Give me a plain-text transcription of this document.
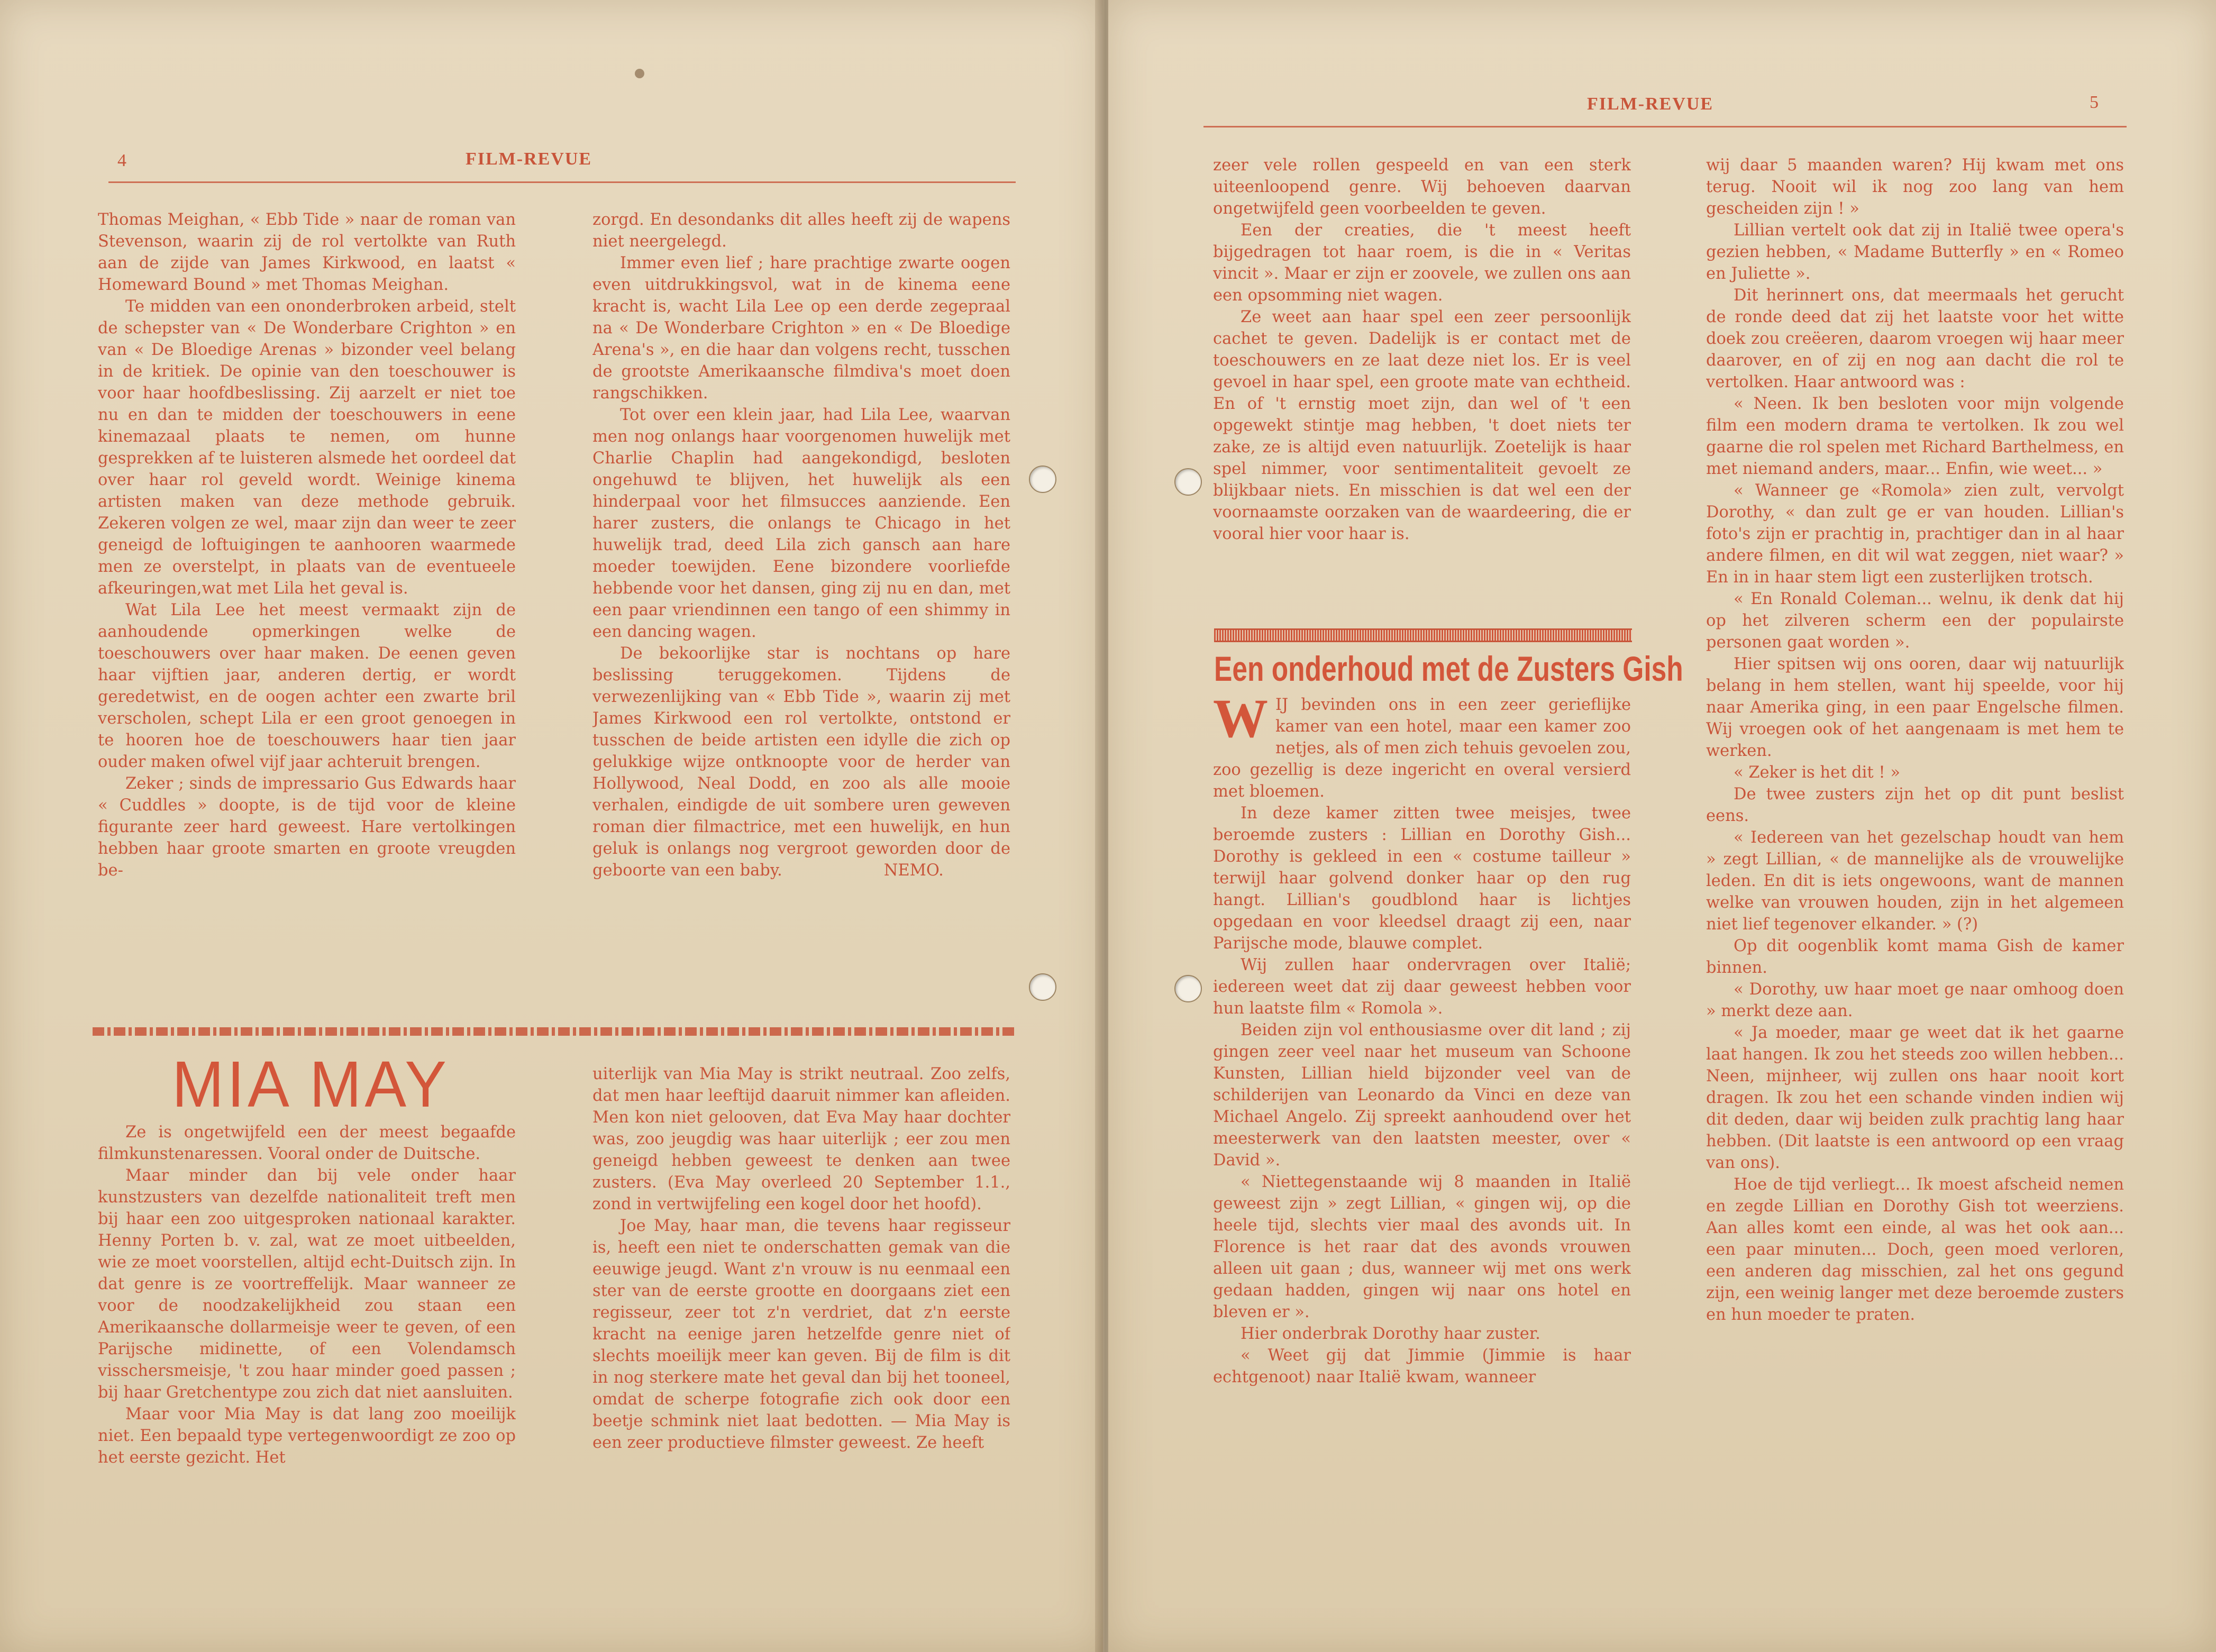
4	FILM-REVUE

Thomas Meighan, « Ebb Tide » naar de roman van Stevenson, waarin zij de rol vertolkte van Ruth aan de zijde van James Kirkwood, en laatst « Homeward Bound » met Thomas Meighan.

Te midden van een ononderbroken arbeid, stelt de schepster van « De Wonderbare Crighton » en van « De Bloedige Arenas » bizonder veel belang in de kritiek. De opinie van den toeschouwer is voor haar hoofdbeslissing. Zij aarzelt er niet toe nu en dan te midden der toeschouwers in eene kinemazaal plaats te nemen, om hunne gesprekken af te luisteren alsmede het oordeel dat over haar rol geveld wordt. Weinige kinema artisten maken van deze methode gebruik. Zekeren volgen ze wel, maar zijn dan weer te zeer geneigd de loftuigingen te aanhooren waarmede men ze overstelpt, in plaats van de eventueele afkeuringen,wat met Lila het geval is.

Wat Lila Lee het meest vermaakt zijn de aanhoudende opmerkingen welke de toeschouwers over haar maken. De eenen geven haar vijftien jaar, anderen dertig, er wordt geredetwist, en de oogen achter een zwarte bril verscholen, schept Lila er een groot genoegen in te hooren hoe de toeschouwers haar tien jaar ouder maken ofwel vijf jaar achteruit brengen.

Zeker ; sinds de impressario Gus Edwards haar « Cuddles » doopte, is de tijd voor de kleine figurante zeer hard geweest. Hare vertolkingen hebben haar groote smarten en groote vreugden be-

zorgd. En desondanks dit alles heeft zij de wapens niet neergelegd.

Immer even lief ; hare prachtige zwarte oogen even uitdrukkingsvol, wat in de kinema eene kracht is, wacht Lila Lee op een derde zegepraal na « De Wonderbare Crighton » en « De Bloedige Arena's », en die haar dan volgens recht, tusschen de grootste Amerikaansche filmdiva's moet doen rangschikken.

Tot over een klein jaar, had Lila Lee, waarvan men nog onlangs haar voorgenomen huwelijk met Charlie Chaplin had aangekondigd, besloten ongehuwd te blijven, het huwelijk als een hinderpaal voor het filmsucces aanziende. Een harer zusters, die onlangs te Chicago in het huwelijk trad, deed Lila zich gansch aan hare moeder toewijden. Eene bizondere voorliefde hebbende voor het dansen, ging zij nu en dan, met een paar vriendinnen een tango of een shimmy in een dancing wagen.

De bekoorlijke star is nochtans op hare beslissing teruggekomen. Tijdens de verwezenlijking van « Ebb Tide », waarin zij met James Kirkwood een rol vertolkte, ontstond er tusschen de beide artisten een idylle die zich op gelukkige wijze ontknoopte voor de herder van Hollywood, Neal Dodd, en zoo als alle mooie verhalen, eindigde de uit sombere uren geweven roman dier filmactrice, met een huwelijk, en hun geluk is onlangs nog vergroot geworden door de geboorte van een baby.	NEMO.

MIA MAY

Ze is ongetwijfeld een der meest begaafde filmkunstenaressen. Vooral onder de Duitsche.

Maar minder dan bij vele onder haar kunstzusters van dezelfde nationaliteit treft men bij haar een zoo uitgesproken nationaal karakter. Henny Porten b. v. zal, wat ze moet uitbeelden, wie ze moet voorstellen, altijd echt-Duitsch zijn. In dat genre is ze voortreffelijk. Maar wanneer ze voor de noodzakelijkheid zou staan een Amerikaansche dollarmeisje weer te geven, of een Parijsche midinette, of een Volendamsch visschersmeisje, 't zou haar minder goed passen ; bij haar Gretchentype zou zich dat niet aansluiten.

Maar voor Mia May is dat lang zoo moeilijk niet. Een bepaald type vertegenwoordigt ze zoo op het eerste gezicht. Het

uiterlijk van Mia May is strikt neutraal. Zoo zelfs, dat men haar leeftijd daaruit nimmer kan afleiden. Men kon niet gelooven, dat Eva May haar dochter was, zoo jeugdig was haar uiterlijk ; eer zou men geneigd hebben geweest te denken aan twee zusters. (Eva May overleed 20 September 1.1., zond in vertwijfeling een kogel door het hoofd).

Joe May, haar man, die tevens haar regisseur is, heeft een niet te onderschatten gemak van die eeuwige jeugd. Want z'n vrouw is nu eenmaal een ster van de eerste grootte en doorgaans ziet een regisseur, zeer tot z'n verdriet, dat z'n eerste kracht na eenige jaren hetzelfde genre niet of slechts moeilijk meer kan geven. Bij de film is dit in nog sterkere mate het geval dan bij het tooneel, omdat de scherpe fotografie zich ook door een beetje schmink niet laat bedotten. — Mia May is een zeer productieve filmster geweest. Ze heeft

FILM-REVUE	5

zeer vele rollen gespeeld en van een sterk uiteenloopend genre. Wij behoeven daarvan ongetwijfeld geen voorbeelden te geven.

Een der creaties, die 't meest heeft bijgedragen tot haar roem, is die in « Veritas vincit ». Maar er zijn er zoovele, we zullen ons aan een opsomming niet wagen.

Ze weet aan haar spel een zeer persoonlijk cachet te geven. Dadelijk is er contact met de toeschouwers en ze laat deze niet los. Er is veel gevoel in haar spel, een groote mate van echtheid. En of 't ernstig moet zijn, dan wel of 't een opgewekt stintje mag hebben, 't doet niets ter zake, ze is altijd even natuurlijk. Zoetelijk is haar spel nimmer, voor sentimentaliteit gevoelt ze blijkbaar niets. En misschien is dat wel een der voornaamste oorzaken van de waardeering, die er vooral hier voor haar is.

Een onderhoud met de Zusters Gish

WIJ bevinden ons in een zeer gerieflijke kamer van een hotel, maar een kamer zoo netjes, als of men zich tehuis gevoelen zou, zoo gezellig is deze ingericht en overal versierd met bloemen.

In deze kamer zitten twee meisjes, twee beroemde zusters : Lillian en Dorothy Gish... Dorothy is gekleed in een « costume tailleur » terwijl haar golvend donker haar op den rug hangt. Lillian's goudblond haar is lichtjes opgedaan en voor kleedsel draagt zij een, naar Parijsche mode, blauwe complet.

Wij zullen haar ondervragen over Italië; iedereen weet dat zij daar geweest hebben voor hun laatste film « Romola ».

Beiden zijn vol enthousiasme over dit land ; zij gingen zeer veel naar het museum van Schoone Kunsten, Lillian hield bijzonder veel van de schilderijen van Leonardo da Vinci en deze van Michael Angelo. Zij spreekt aanhoudend over het meesterwerk van den laatsten meester, over « David ».

« Niettegenstaande wij 8 maanden in Italië geweest zijn » zegt Lillian, « gingen wij, op die heele tijd, slechts vier maal des avonds uit. In Florence is het raar dat des avonds vrouwen alleen uit gaan ; dus, wanneer wij met ons werk gedaan hadden, gingen wij naar ons hotel en bleven er ».

Hier onderbrak Dorothy haar zuster.

« Weet gij dat Jimmie (Jimmie is haar echtgenoot) naar Italië kwam, wanneer

wij daar 5 maanden waren? Hij kwam met ons terug. Nooit wil ik nog zoo lang van hem gescheiden zijn ! »

Lillian vertelt ook dat zij in Italië twee opera's gezien hebben, « Madame Butterfly » en « Romeo en Juliette ».

Dit herinnert ons, dat meermaals het gerucht de ronde deed dat zij het laatste voor het witte doek zou creëeren, daarom vroegen wij haar meer daarover, en of zij en nog aan dacht die rol te vertolken. Haar antwoord was :

« Neen. Ik ben besloten voor mijn volgende film een modern drama te vertolken. Ik zou wel gaarne die rol spelen met Richard Barthelmess, en met niemand anders, maar... Enfin, wie weet... »

« Wanneer ge «Romola» zien zult, vervolgt Dorothy, « dan zult ge er van houden. Lillian's foto's zijn er prachtig in, prachtiger dan in al haar andere filmen, en dit wil wat zeggen, niet waar? » En in in haar stem ligt een zusterlijken trotsch.

« En Ronald Coleman... welnu, ik denk dat hij op het zilveren scherm een der populairste personen gaat worden ».

Hier spitsen wij ons ooren, daar wij natuurlijk belang in hem stellen, want hij speelde, voor hij naar Amerika ging, in een paar Engelsche filmen. Wij vroegen ook of het aangenaam is met hem te werken.

« Zeker is het dit ! »

De twee zusters zijn het op dit punt beslist eens.

« Iedereen van het gezelschap houdt van hem » zegt Lillian, « de mannelijke als de vrouwelijke leden. En dit is iets ongewoons, want de mannen welke van vrouwen houden, zijn in het algemeen niet lief tegenover elkander. » (?)

Op dit oogenblik komt mama Gish de kamer binnen.

« Dorothy, uw haar moet ge naar omhoog doen » merkt deze aan.

« Ja moeder, maar ge weet dat ik het gaarne laat hangen. Ik zou het steeds zoo willen hebben... Neen, mijnheer, wij zullen ons haar nooit kort dragen. Ik zou het een schande vinden indien wij dit deden, daar wij beiden zulk prachtig lang haar hebben. (Dit laatste is een antwoord op een vraag van ons).

Hoe de tijd verliegt... Ik moest afscheid nemen en zegde Lillian en Dorothy Gish tot weerziens. Aan alles komt een einde, al was het ook aan... een paar minuten... Doch, geen moed verloren, een anderen dag misschien, zal het ons gegund zijn, een weinig langer met deze beroemde zusters en hun moeder te praten.
